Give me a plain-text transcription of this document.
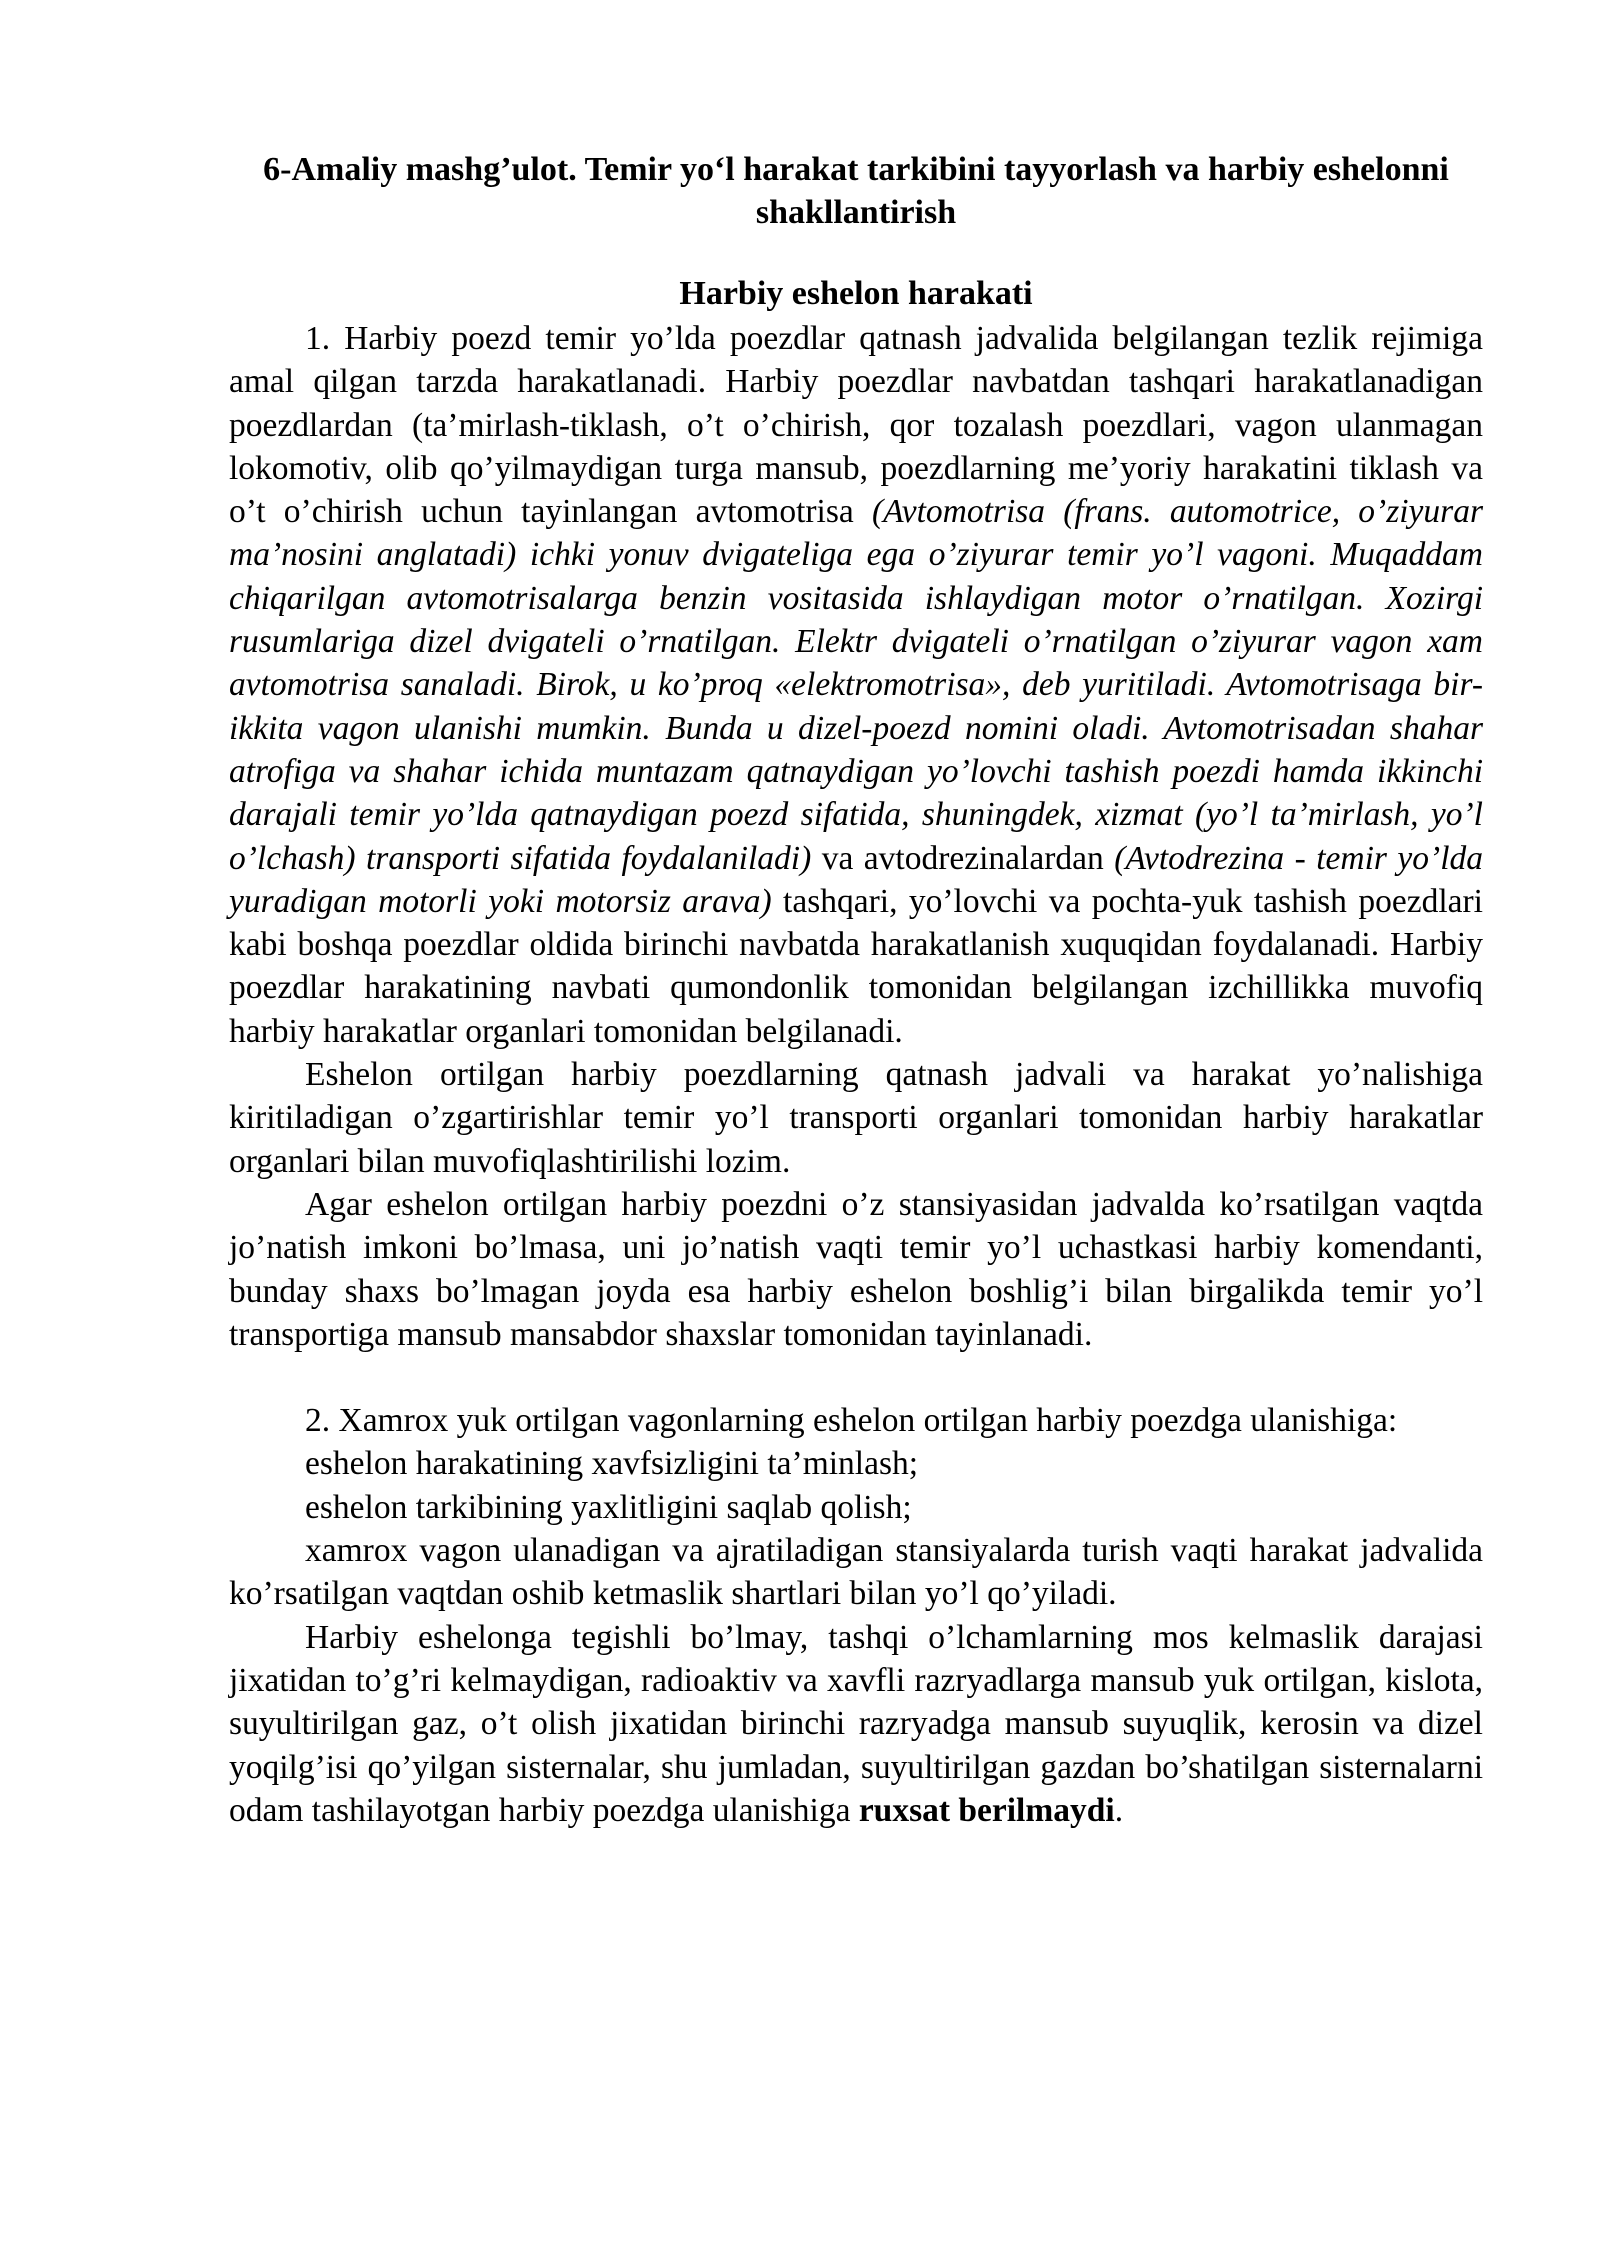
6-Amaliy mashg’ulot. Temir yo‘l harakat tarkibini tayyorlash va harbiy eshelonni shakllantirish
Harbiy eshelon harakati

1. Harbiy poezd temir yo’lda poezdlar qatnash jadvalida belgilangan tezlik rejimiga amal qilgan tarzda harakatlanadi. Harbiy poezdlar navbatdan tashqari harakatlanadigan poezdlardan (ta’mirlash-tiklash, o’t o’chirish, qor tozalash poezdlari, vagon ulanmagan lokomotiv, olib qo’yilmaydigan turga mansub, poezdlarning me’yoriy harakatini tiklash va o’t o’chirish uchun tayinlangan avtomotrisa (Avtomotrisa (frans. automotrice, o’ziyurar ma’nosini anglatadi) ichki yonuv dvigateliga ega o’ziyurar temir yo’l vagoni. Muqaddam chiqarilgan avtomotrisalarga benzin vositasida ishlaydigan motor o’rnatilgan. Xozirgi rusumlariga dizel dvigateli o’rnatilgan. Elektr dvigateli o’rnatilgan o’ziyurar vagon xam avtomotrisa sanaladi. Birok, u ko’proq «elektromotrisa», deb yuritiladi. Avtomotrisaga bir-ikkita vagon ulanishi mumkin. Bunda u dizel-poezd nomini oladi. Avtomotrisadan shahar atrofiga va shahar ichida muntazam qatnaydigan yo’lovchi tashish poezdi hamda ikkinchi darajali temir yo’lda qatnaydigan poezd sifatida, shuningdek, xizmat (yo’l ta’mirlash, yo’l o’lchash) transporti sifatida foydalaniladi) va avtodrezinalardan (Avtodrezina - temir yo’lda yuradigan motorli yoki motorsiz arava) tashqari, yo’lovchi va pochta-yuk tashish poezdlari kabi boshqa poezdlar oldida birinchi navbatda harakatlanish xuquqidan foydalanadi. Harbiy poezdlar harakatining navbati qumondonlik tomonidan belgilangan izchillikka muvofiq harbiy harakatlar organlari tomonidan belgilanadi.

Eshelon ortilgan harbiy poezdlarning qatnash jadvali va harakat yo’nalishiga kiritiladigan o’zgartirishlar temir yo’l transporti organlari tomonidan harbiy harakatlar organlari bilan muvofiqlashtirilishi lozim.

Agar eshelon ortilgan harbiy poezdni o’z stansiyasidan jadvalda ko’rsatilgan vaqtda jo’natish imkoni bo’lmasa, uni jo’natish vaqti temir yo’l uchastkasi harbiy komendanti, bunday shaxs bo’lmagan joyda esa harbiy eshelon boshlig’i bilan birgalikda temir yo’l transportiga mansub mansabdor shaxslar tomonidan tayinlanadi.

2. Xamrox yuk ortilgan vagonlarning eshelon ortilgan harbiy poezdga ulanishiga:

eshelon harakatining xavfsizligini ta’minlash;

eshelon tarkibining yaxlitligini saqlab qolish;

xamrox vagon ulanadigan va ajratiladigan stansiyalarda turish vaqti harakat jadvalida ko’rsatilgan vaqtdan oshib ketmaslik shartlari bilan yo’l qo’yiladi.

Harbiy eshelonga tegishli bo’lmay, tashqi o’lchamlarning mos kelmaslik darajasi jixatidan to’g’ri kelmaydigan, radioaktiv va xavfli razryadlarga mansub yuk ortilgan, kislota, suyultirilgan gaz, o’t olish jixatidan birinchi razryadga mansub suyuqlik, kerosin va dizel yoqilg’isi qo’yilgan sisternalar, shu jumladan, suyultirilgan gazdan bo’shatilgan sisternalarni odam tashilayotgan harbiy poezdga ulanishiga ruxsat berilmaydi.
